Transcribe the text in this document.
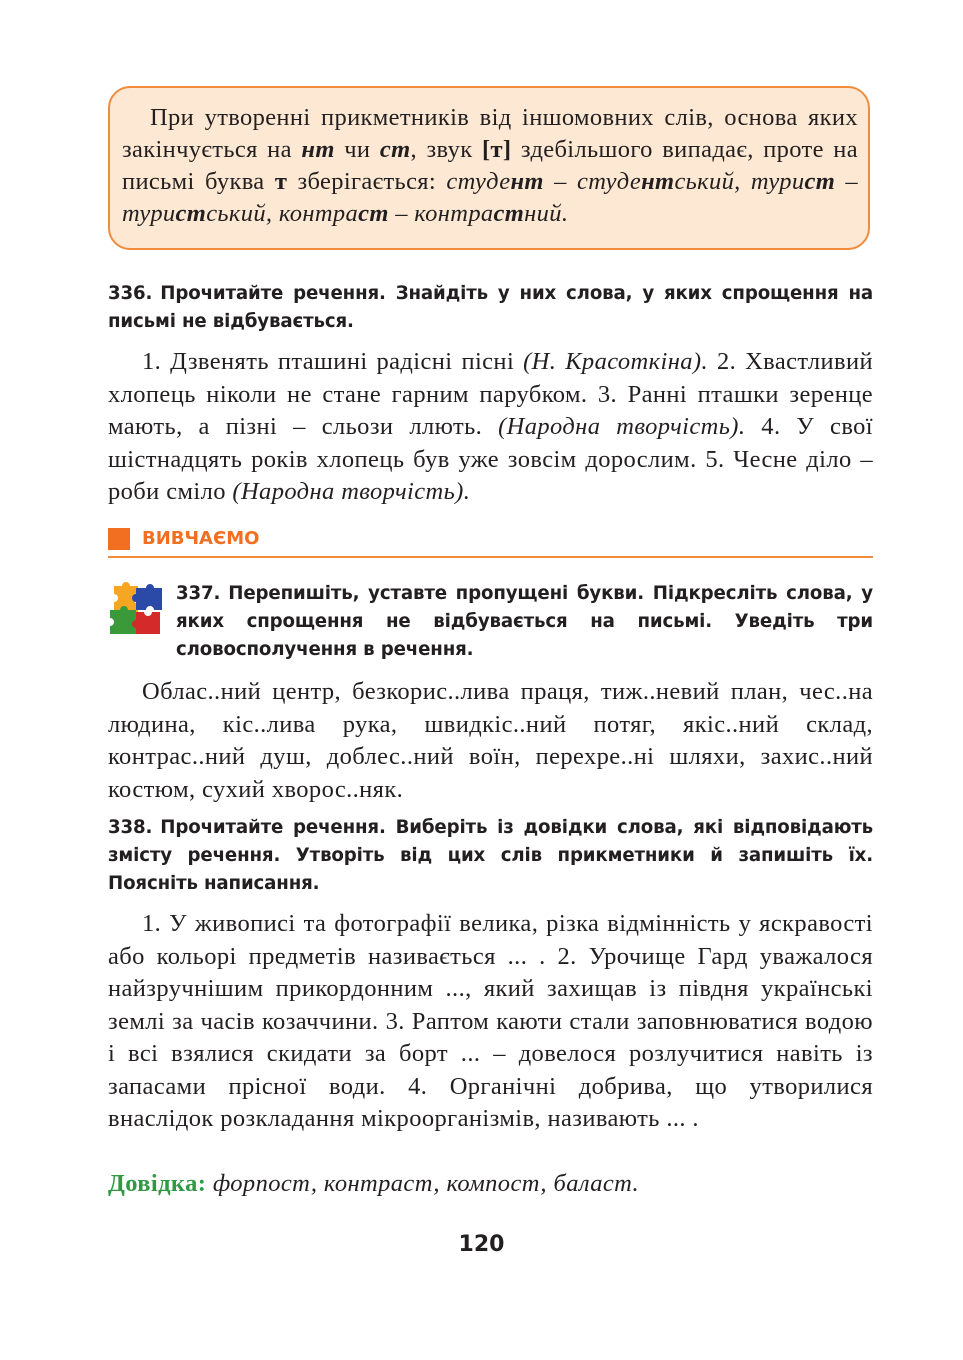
При утворенні прикметників від іншомовних слів, основа яких закінчується на нт чи ст, звук [т] здебільшого випадає, проте на письмі буква т зберігається: студент – студентський, турист – туристський, контраст – контрастний.

336. Прочитайте речення. Знайдіть у них слова, у яких спрощення на письмі не відбувається.

1. Дзвенять пташині радісні пісні (Н. Красоткіна). 2. Хвастливий хлопець ніколи не стане гарним парубком. 3. Ранні пташки зеренце мають, а пізні – сльози ллють. (Народна творчість). 4. У свої шістнадцять років хлопець був уже зовсім дорослим. 5. Чесне діло – роби сміло (Народна творчість).

ВИВЧАЄМО
337. Перепишіть, уставте пропущені букви. Підкресліть слова, у яких спрощення не відбувається на письмі. Уведіть три словосполучення в речення.

Облас..ний центр, безкорис..лива праця, тиж..невий план, чес..на людина, кіс..лива рука, швидкіс..ний потяг, якіс..ний склад, контрас..ний душ, доблес..ний воїн, перехре..ні шляхи, захис..ний костюм, сухий хворос..няк.

338. Прочитайте речення. Виберіть із довідки слова, які відповідають змісту речення. Утворіть від цих слів прикметники й запишіть їх. Поясніть написання.

1. У живописі та фотографії велика, різка відмінність у яскравості або кольорі предметів називається ... . 2. Урочище Гард уважалося найзручнішим прикордонним ..., який захищав із півдня українські землі за часів козаччини. 3. Раптом каюти стали заповнюватися водою і всі взялися скидати за борт ... – довелося розлучитися навіть із запасами прісної води. 4. Органічні добрива, що утворилися внаслідок розкладання мікроорганізмів, називають ... .

Довідка: форпост, контраст, компост, баласт.
120
